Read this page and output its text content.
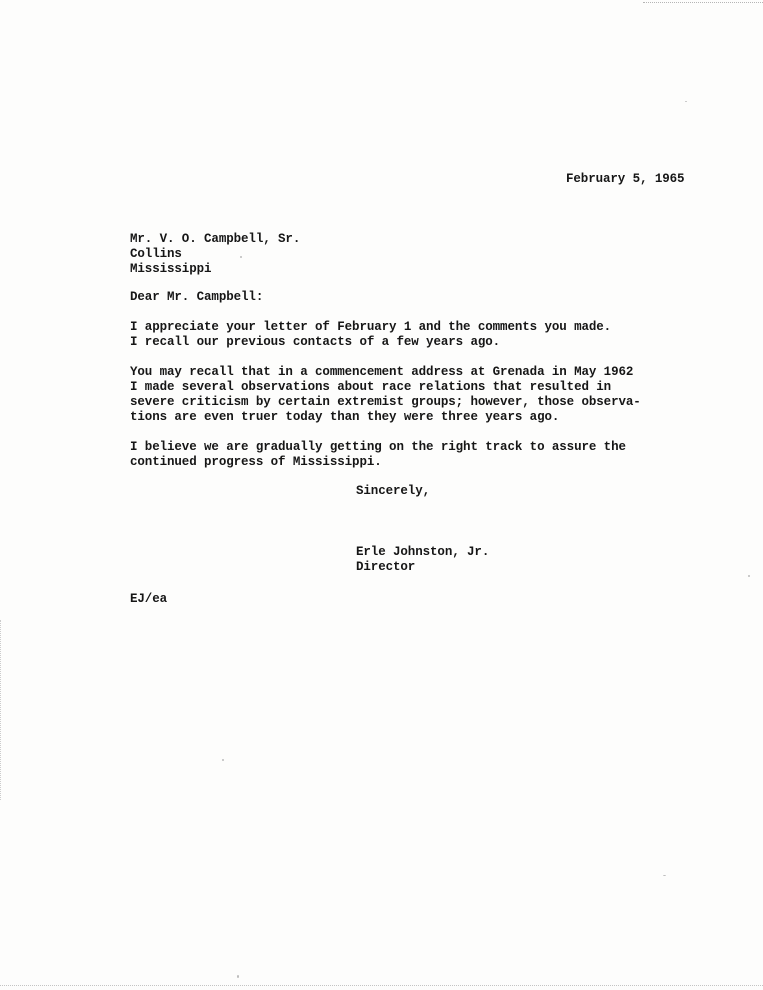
February 5, 1965
Mr. V. O. Campbell, Sr.
Collins
Mississippi
Dear Mr. Campbell:
I appreciate your letter of February 1 and the comments you made.
I recall our previous contacts of a few years ago.
You may recall that in a commencement address at Grenada in May 1962
I made several observations about race relations that resulted in
severe criticism by certain extremist groups; however, those observa-
tions are even truer today than they were three years ago.
I believe we are gradually getting on the right track to assure the
continued progress of Mississippi.
Sincerely,
Erle Johnston, Jr.
Director
EJ/ea
